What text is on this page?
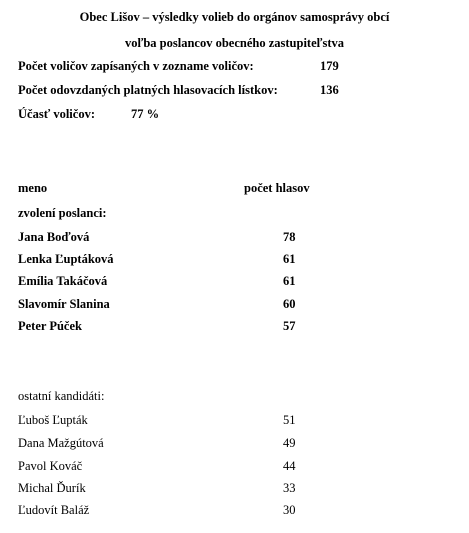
Obec Lišov – výsledky volieb do orgánov samosprávy obcí
voľba poslancov obecného zastupiteľstva
Počet voličov zapísaných v zozname voličov:	179
Počet odovzdaných platných hlasovacích lístkov:	136
Účasť voličov:	77 %
meno	počet hlasov
zvolení poslanci:
Jana Boďová	78
Lenka Ľuptáková	61
Emília Takáčová	61
Slavomír Slanina	60
Peter Púček	57
ostatní kandidáti:
Ľuboš Ľupták	51
Dana Mažgútová	49
Pavol Kováč	44
Michal Ďurík	33
Ľudovít Baláž	30
